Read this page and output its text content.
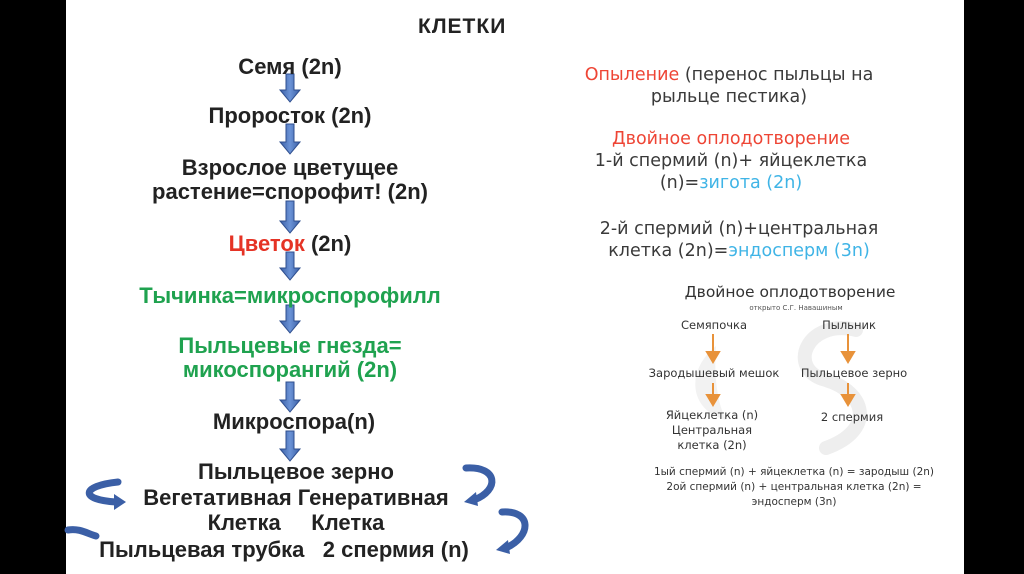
КЛЕТКИ
Семя (2n)
Проросток (2n)
Взрослое цветущее
растение=спорофит! (2n)
Цветок (2n)
Тычинка=микроспорофилл
Пыльцевые гнезда=
микоспорангий (2n)
Микроспора(n)
Пыльцевое зерно
Вегетативная Генеративная
Клетка     Клетка
Пыльцевая трубка   2 спермия (n)
Опыление (перенос пыльцы на
рыльце пестика)
Двойное оплодотворение
1-й спермий (n)+ яйцеклетка
(n)=зигота (2n)
2-й спермий (n)+центральная
клетка (2n)=эндосперм (3n)
Двойное оплодотворение
открыто С.Г. Навашиным
Семяпочка
Зародышевый мешок
Яйцеклетка (n)
Центральная
клетка (2n)
Пыльник
Пыльцевое зерно
2 спермия
1ый спермий (n) + яйцеклетка (n) = зародыш (2n)
2ой спермий (n) + центральная клетка (2n) =
эндосперм (3n)
